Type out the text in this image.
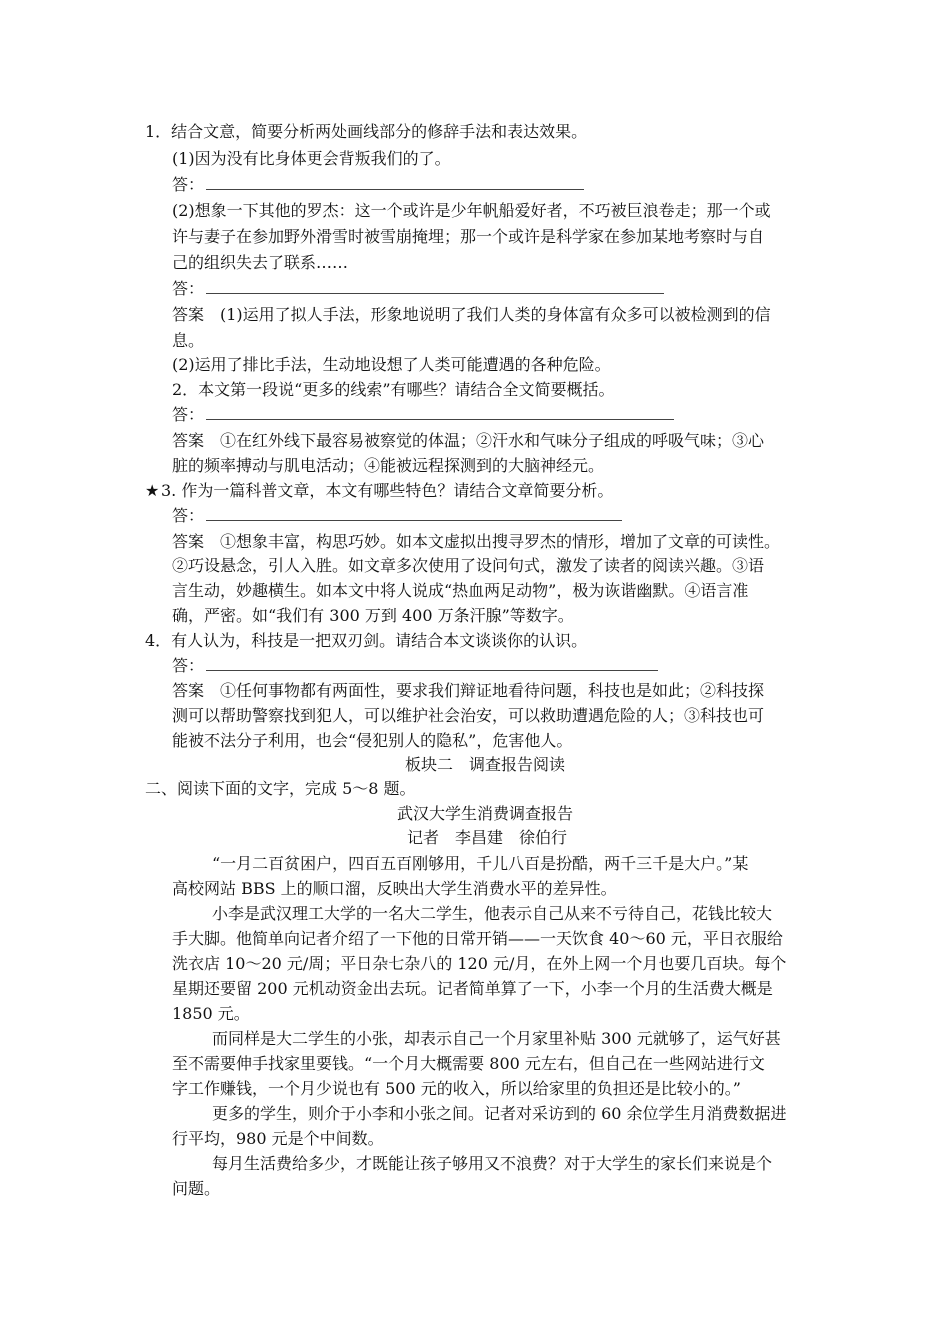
1．结合文意，简要分析两处画线部分的修辞手法和表达效果。
(1)因为没有比身体更会背叛我们的了。
答：
(2)想象一下其他的罗杰：这一个或许是少年帆船爱好者，不巧被巨浪卷走；那一个或
许与妻子在参加野外滑雪时被雪崩掩埋；那一个或许是科学家在参加某地考察时与自
己的组织失去了联系……
答：
答案　(1)运用了拟人手法，形象地说明了我们人类的身体富有众多可以被检测到的信
息。
(2)运用了排比手法，生动地设想了人类可能遭遇的各种危险。
2．本文第一段说“更多的线索”有哪些？请结合全文简要概括。
答：
答案　①在红外线下最容易被察觉的体温；②汗水和气味分子组成的呼吸气味；③心
脏的频率搏动与肌电活动；④能被远程探测到的大脑神经元。
★ 3. 作为一篇科普文章，本文有哪些特色？请结合文章简要分析。
答：
答案　①想象丰富，构思巧妙。如本文虚拟出搜寻罗杰的情形，增加了文章的可读性。
②巧设悬念，引人入胜。如文章多次使用了设问句式，激发了读者的阅读兴趣。③语
言生动，妙趣横生。如本文中将人说成“热血两足动物”，极为诙谐幽默。④语言准
确，严密。如“我们有 300 万到 400 万条汗腺”等数字。
4．有人认为，科技是一把双刃剑。请结合本文谈谈你的认识。
答：
答案　①任何事物都有两面性，要求我们辩证地看待问题，科技也是如此；②科技探
测可以帮助警察找到犯人，可以维护社会治安，可以救助遭遇危险的人；③科技也可
能被不法分子利用，也会“侵犯别人的隐私”，危害他人。
板块二　调查报告阅读
二、阅读下面的文字，完成 5～8 题。
武汉大学生消费调查报告
记者　李昌建　徐伯行
“一月二百贫困户，四百五百刚够用，千儿八百是扮酷，两千三千是大户。”某
高校网站 BBS 上的顺口溜，反映出大学生消费水平的差异性。
小李是武汉理工大学的一名大二学生，他表示自己从来不亏待自己，花钱比较大
手大脚。他简单向记者介绍了一下他的日常开销——一天饮食 40～60 元，平日衣服给
洗衣店 10～20 元/周；平日杂七杂八的 120 元/月，在外上网一个月也要几百块。每个
星期还要留 200 元机动资金出去玩。记者简单算了一下，小李一个月的生活费大概是
1850 元。
而同样是大二学生的小张，却表示自己一个月家里补贴 300 元就够了，运气好甚
至不需要伸手找家里要钱。“一个月大概需要 800 元左右，但自己在一些网站进行文
字工作赚钱，一个月少说也有 500 元的收入，所以给家里的负担还是比较小的。”
更多的学生，则介于小李和小张之间。记者对采访到的 60 余位学生月消费数据进
行平均，980 元是个中间数。
每月生活费给多少，才既能让孩子够用又不浪费？对于大学生的家长们来说是个
问题。
